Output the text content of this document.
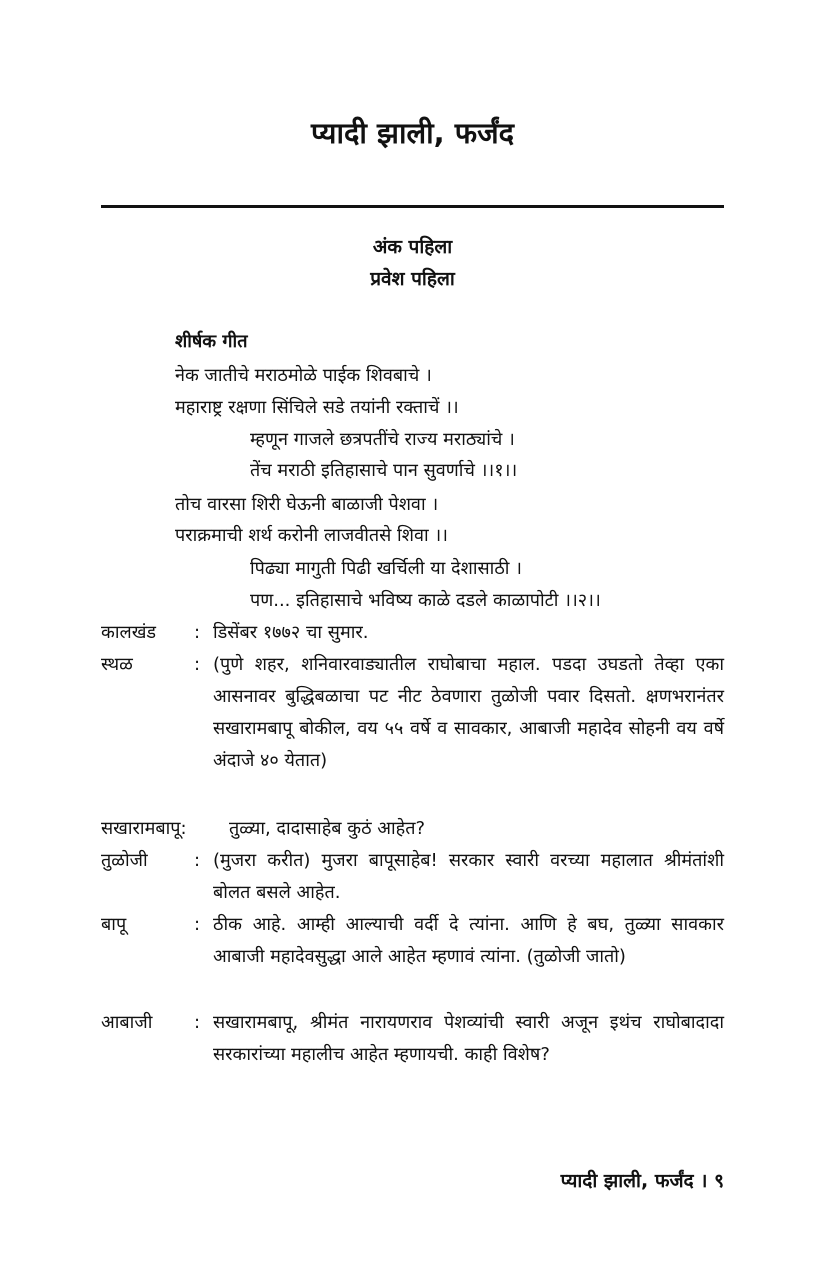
प्यादी झाली, फर्जंद
अंक पहिला
प्रवेश पहिला
शीर्षक गीत
नेक जातीचे मराठमोळे पाईक शिवबाचे ।
महाराष्ट्र रक्षणा सिंचिले सडे तयांनी रक्ताचें ।।
म्हणून गाजले छत्रपतींचे राज्य मराठ्यांचे ।
तेंच मराठी इतिहासाचे पान सुवर्णाचे ।।१।।
तोच वारसा शिरी घेऊनी बाळाजी पेशवा ।
पराक्रमाची शर्थ करोनी लाजवीतसे शिवा ।।
पिढ्या मागुती पिढी खर्चिली या देशासाठी ।
पण... इतिहासाचे भविष्य काळे दडले काळापोटी ।।२।।
कालखंड : डिसेंबर १७७२ चा सुमार.
स्थळ	: (पुणे शहर, शनिवारवाड्यातील राघोबाचा महाल. पडदा उघडतो तेव्हा एका आसनावर बुद्धिबळाचा पट नीट ठेवणारा तुळोजी पवार दिसतो. क्षणभरानंतर सखारामबापू बोकील, वय ५५ वर्षे व सावकार, आबाजी महादेव सोहनी वय वर्षे अंदाजे ४० येतात)
सखारामबापू: तुळ्या, दादासाहेब कुठं आहेत?
तुळोजी	: (मुजरा करीत) मुजरा बापूसाहेब! सरकार स्वारी वरच्या महालात श्रीमंतांशी बोलत बसले आहेत.
बापू	: ठीक आहे. आम्ही आल्याची वर्दी दे त्यांना. आणि हे बघ, तुळ्या सावकार आबाजी महादेवसुद्धा आले आहेत म्हणावं त्यांना. (तुळोजी जातो)
आबाजी : सखारामबापू, श्रीमंत नारायणराव पेशव्यांची स्वारी अजून इथंच राघोबादादा सरकारांच्या महालीच आहेत म्हणायची. काही विशेष?
प्यादी झाली, फर्जंद । ९
